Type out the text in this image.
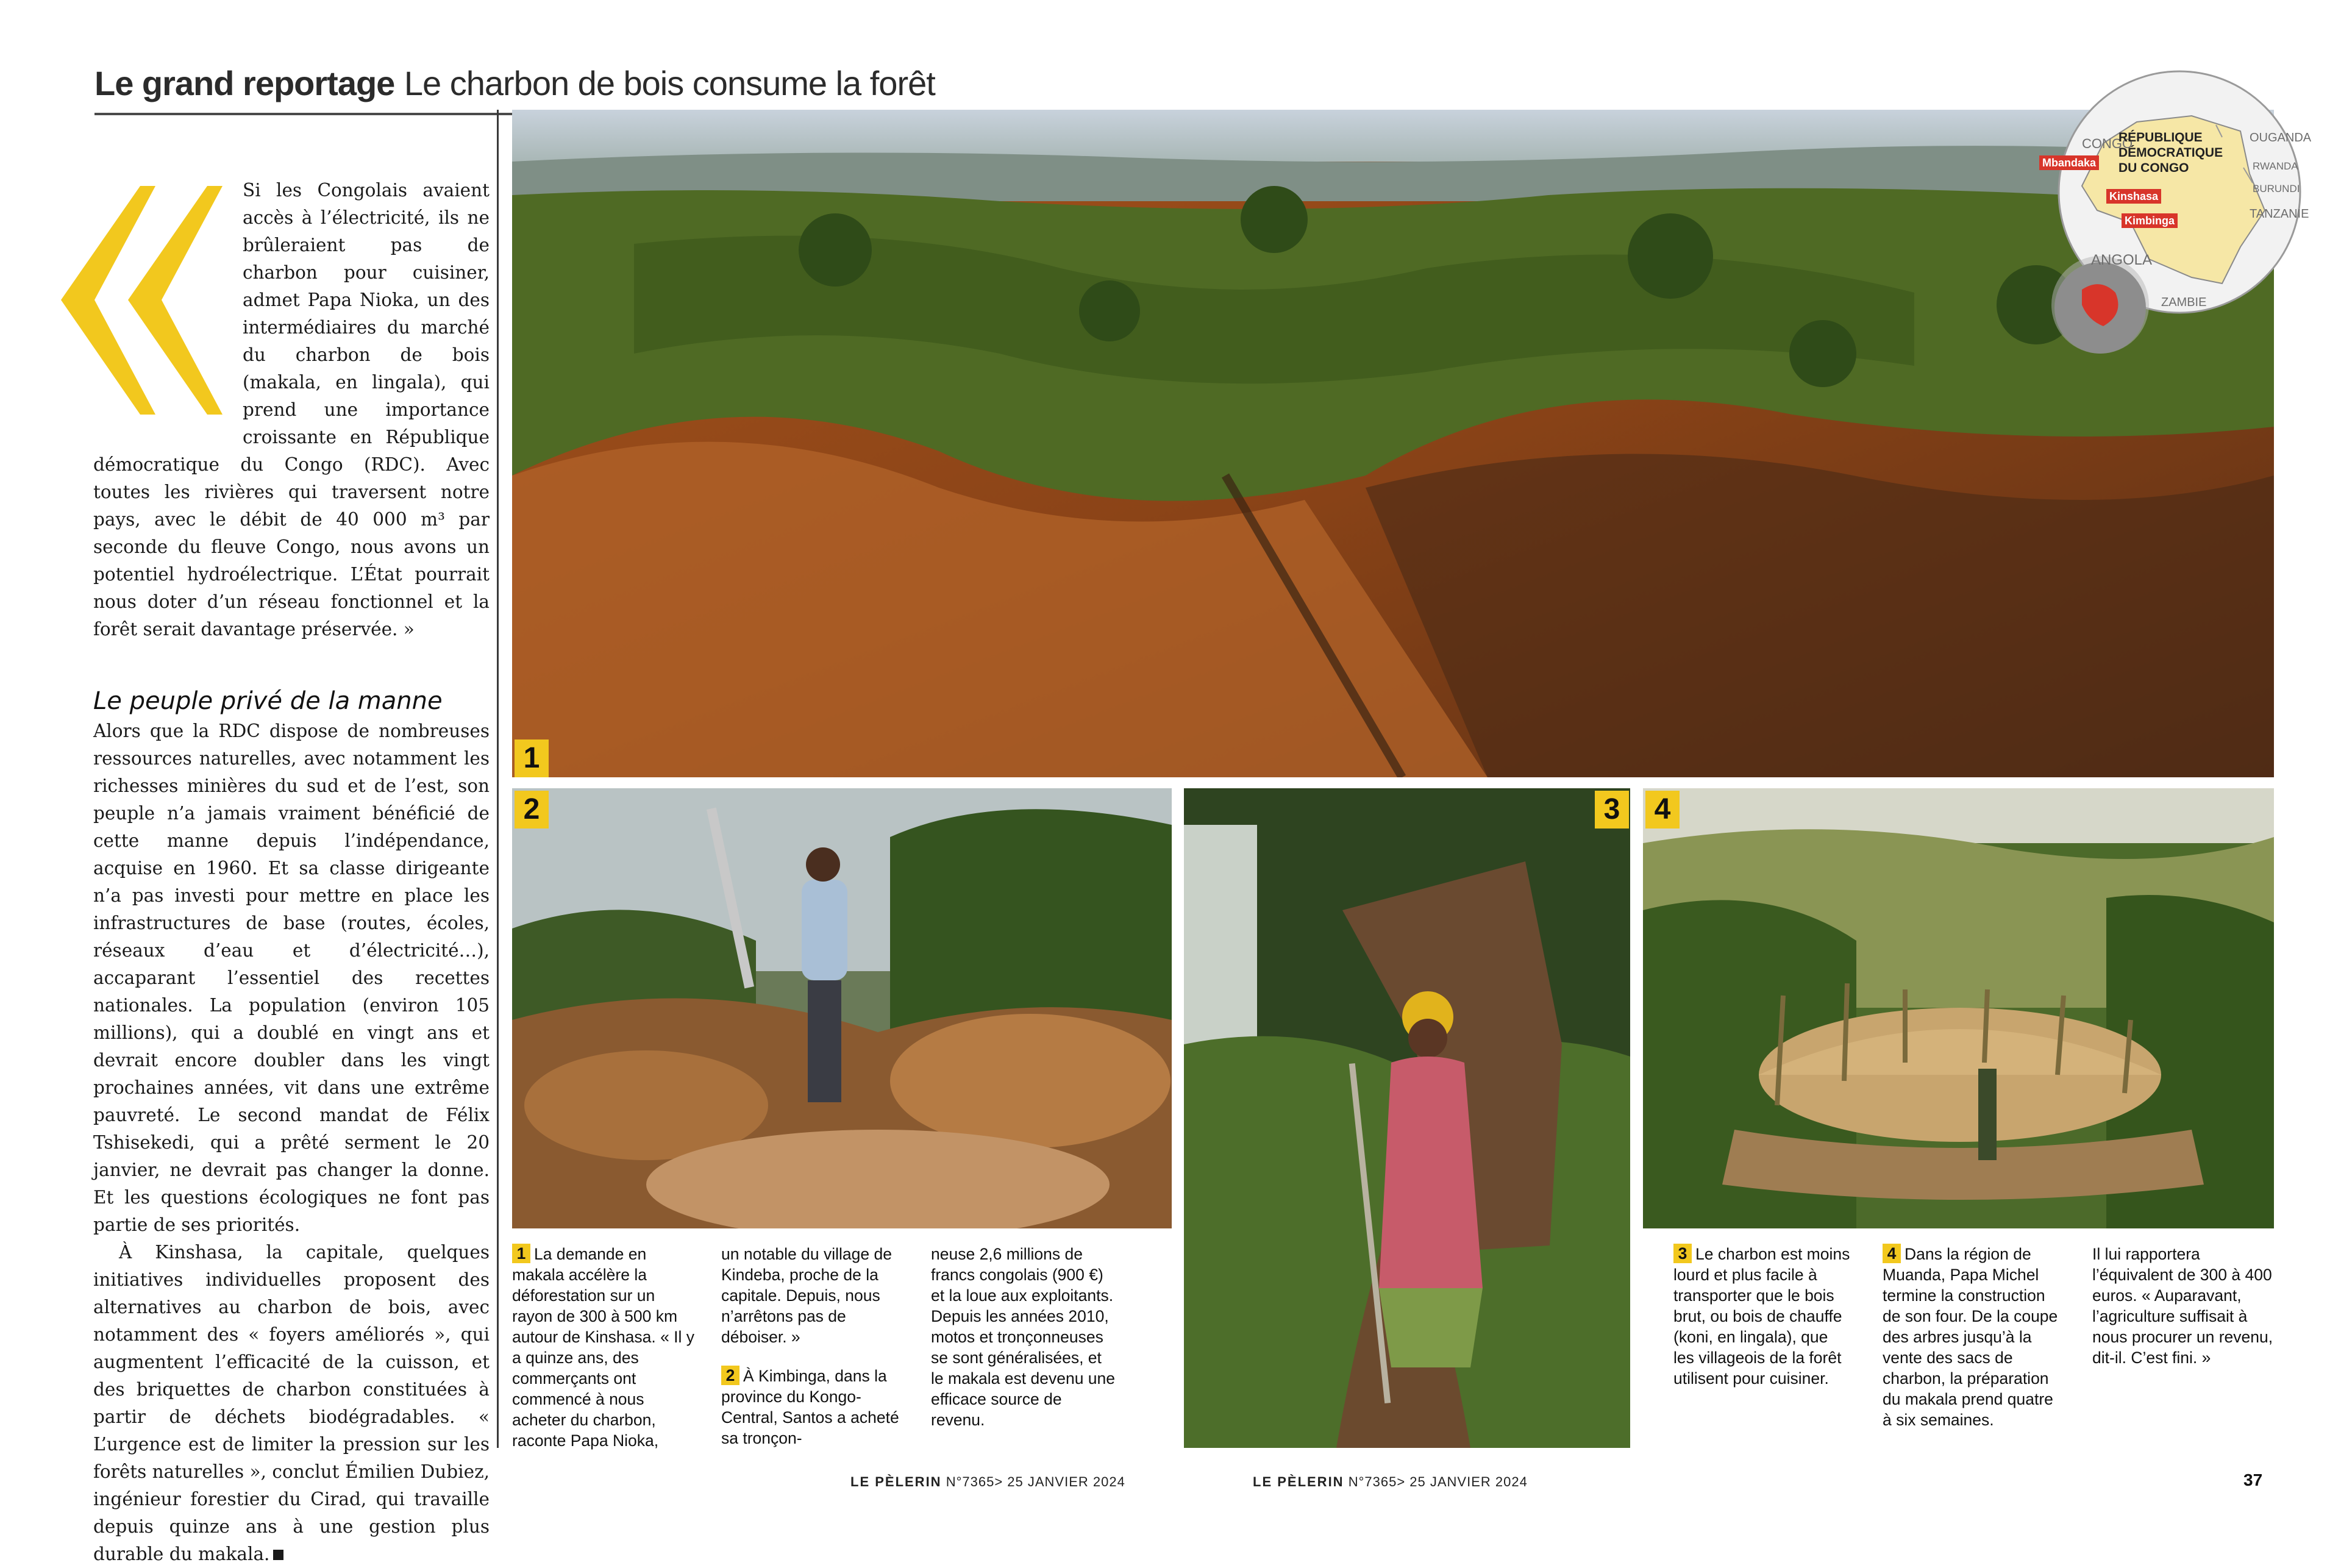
Le grand reportage Le charbon de bois consume la forêt

Si les Congolais avaient accès à l’électricité, ils ne brûleraient pas de charbon pour cuisiner, admet Papa Nioka, un des intermédiaires du marché du charbon de bois (makala, en lingala), qui prend une importance croissante en République démocratique du Congo (RDC). Avec toutes les rivières qui traversent notre pays, avec le débit de 40 000 m³ par seconde du fleuve Congo, nous avons un potentiel hydroélectrique. L’État pourrait nous doter d’un réseau fonctionnel et la forêt serait davantage préservée. »

Le peuple privé de la manne

Alors que la RDC dispose de nombreuses ressources naturelles, avec notamment les richesses minières du sud et de l’est, son peuple n’a jamais vraiment bénéficié de cette manne depuis l’indépendance, acquise en 1960. Et sa classe dirigeante n’a pas investi pour mettre en place les infrastructures de base (routes, écoles, réseaux d’eau et d’électricité…), accaparant l’essentiel des recettes nationales. La population (environ 105 millions), qui a doublé en vingt ans et devrait encore doubler dans les vingt prochaines années, vit dans une extrême pauvreté. Le second mandat de Félix Tshisekedi, qui a prêté serment le 20 janvier, ne devrait pas changer la donne. Et les questions écologiques ne font pas partie de ses priorités.

À Kinshasa, la capitale, quelques initiatives individuelles proposent des alternatives au charbon de bois, avec notamment des « foyers améliorés », qui augmentent l’efficacité de la cuisson, et des briquettes de charbon constituées à partir de déchets biodégradables. « L’urgence est de limiter la pression sur les forêts naturelles », conclut Émilien Dubiez, ingénieur forestier du Cirad, qui travaille depuis quinze ans à une gestion plus durable du makala.

1
2	3	4
CONGO	OUGANDA
RWANDA
BURUNDI
TANZANIE
ANGOLA
ZAMBIE
RÉPUBLIQUE DÉMOCRATIQUE DU CONGO
Mbandaka
Kinshasa
Kimbinga

1 La demande en makala accélère la déforestation sur un rayon de 300 à 500 km autour de Kinshasa. « Il y a quinze ans, des commerçants ont commencé à nous acheter du charbon, raconte Papa Nioka,

un notable du village de Kindeba, proche de la capitale. Depuis, nous n’arrêtons pas de déboiser. »

2 À Kimbinga, dans la province du Kongo-Central, Santos a acheté sa tronçon-

neuse 2,6 millions de francs congolais (900 €) et la loue aux exploitants. Depuis les années 2010, motos et tronçonneuses se sont généralisées, et le makala est devenu une efficace source de revenu.

3 Le charbon est moins lourd et plus facile à transporter que le bois brut, ou bois de chauffe (koni, en lingala), que les villageois de la forêt utilisent pour cuisiner.

4 Dans la région de Muanda, Papa Michel termine la construction de son four. De la coupe des arbres jusqu’à la vente des sacs de charbon, la préparation du makala prend quatre à six semaines.

Il lui rapportera l’équivalent de 300 à 400 euros. « Auparavant, l’agriculture suffisait à nous procurer un revenu, dit-il. C’est fini. »

LE PÈLERIN N°7365> 25 JANVIER 2024	LE PÈLERIN N°7365> 25 JANVIER 2024	37
